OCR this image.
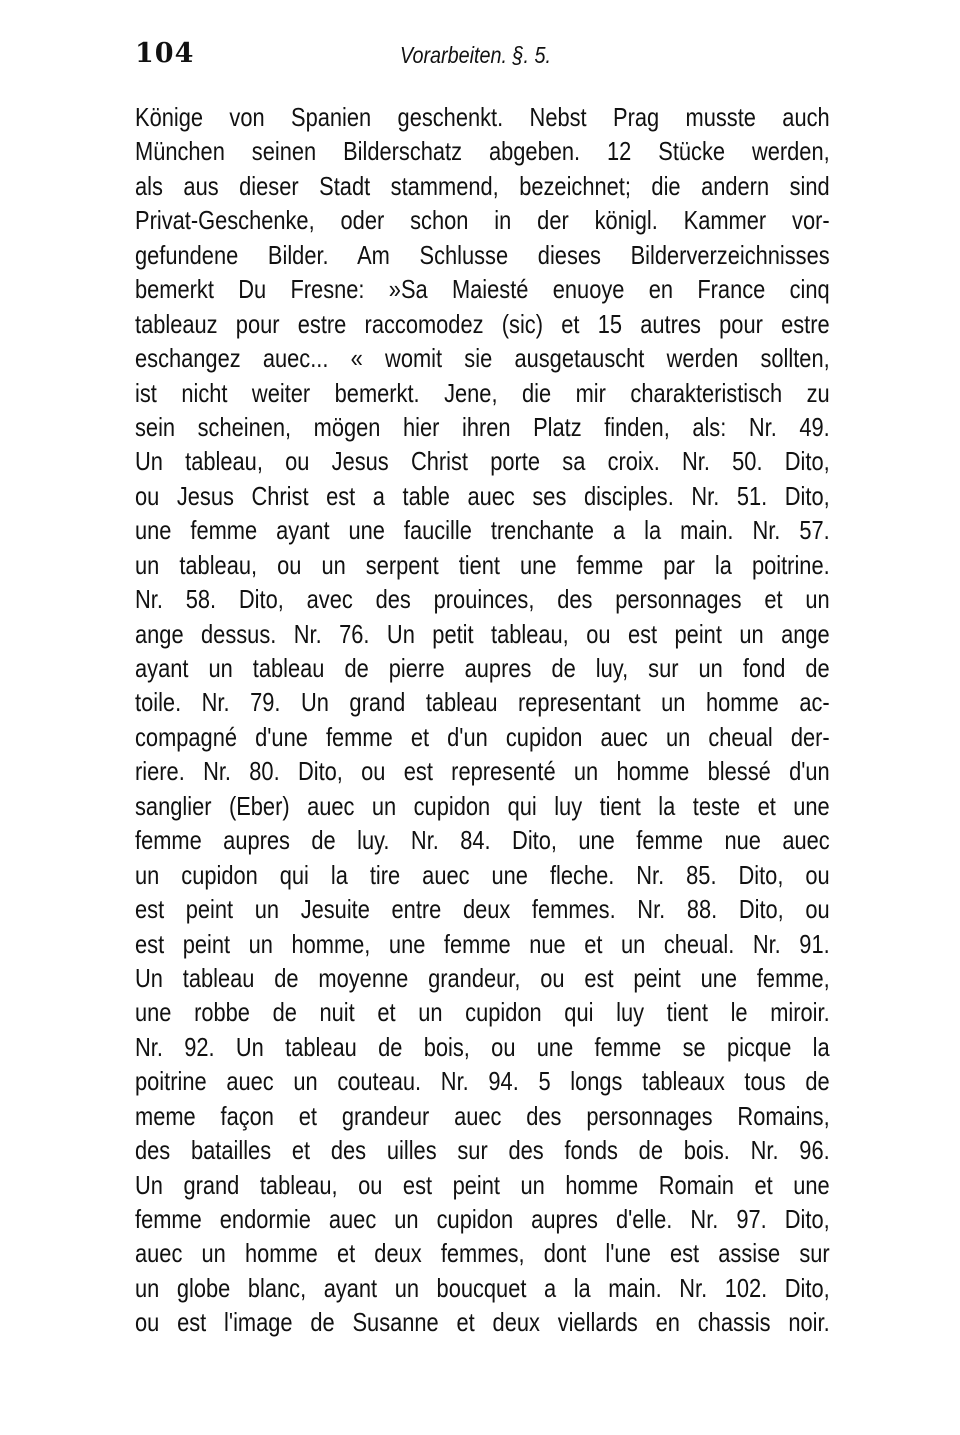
104	Vorarbeiten. §. 5.
Könige von Spanien geschenkt. Nebst Prag musste auch
München seinen Bilderschatz abgeben. 12 Stücke werden,
als aus dieser Stadt stammend, bezeichnet; die andern sind
Privat-Geschenke, oder schon in der königl. Kammer vor-
gefundene Bilder. Am Schlusse dieses Bilderverzeichnisses
bemerkt Du Fresne: »Sa Maiesté enuoye en France cinq
tableauz pour estre raccomodez (sic) et 15 autres pour estre
eschangez auec... « womit sie ausgetauscht werden sollten,
ist nicht weiter bemerkt. Jene, die mir charakteristisch zu
sein scheinen, mögen hier ihren Platz finden, als: Nr. 49.
Un tableau, ou Jesus Christ porte sa croix. Nr. 50. Dito,
ou Jesus Christ est a table auec ses disciples. Nr. 51. Dito,
une femme ayant une faucille trenchante a la main. Nr. 57.
un tableau, ou un serpent tient une femme par la poitrine.
Nr. 58. Dito, avec des prouinces, des personnages et un
ange dessus. Nr. 76. Un petit tableau, ou est peint un ange
ayant un tableau de pierre aupres de luy, sur un fond de
toile. Nr. 79. Un grand tableau representant un homme ac-
compagné d'une femme et d'un cupidon auec un cheual der-
riere. Nr. 80. Dito, ou est representé un homme blessé d'un
sanglier (Eber) auec un cupidon qui luy tient la teste et une
femme aupres de luy. Nr. 84. Dito, une femme nue auec
un cupidon qui la tire auec une fleche. Nr. 85. Dito, ou
est peint un Jesuite entre deux femmes. Nr. 88. Dito, ou
est peint un homme, une femme nue et un cheual. Nr. 91.
Un tableau de moyenne grandeur, ou est peint une femme,
une robbe de nuit et un cupidon qui luy tient le miroir.
Nr. 92. Un tableau de bois, ou une femme se picque la
poitrine auec un couteau. Nr. 94. 5 longs tableaux tous de
meme façon et grandeur auec des personnages Romains,
des batailles et des uilles sur des fonds de bois. Nr. 96.
Un grand tableau, ou est peint un homme Romain et une
femme endormie auec un cupidon aupres d'elle. Nr. 97. Dito,
auec un homme et deux femmes, dont l'une est assise sur
un globe blanc, ayant un boucquet a la main. Nr. 102. Dito,
ou est l'image de Susanne et deux viellards en chassis noir.
